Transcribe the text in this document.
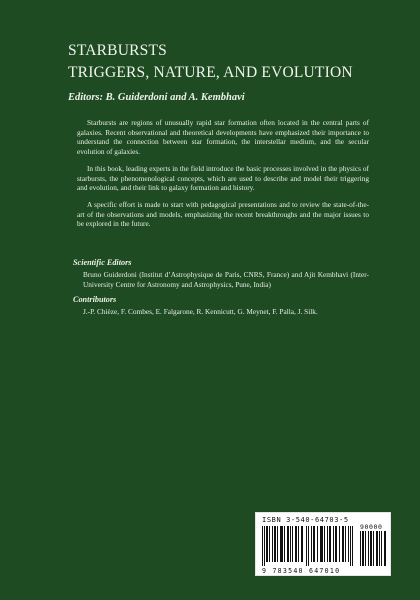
STARBURSTS
TRIGGERS, NATURE, AND EVOLUTION
Editors: B. Guiderdoni and A. Kembhavi

Starbursts are regions of unusually rapid star formation often located in the central parts of galaxies. Recent observational and theoretical developments have emphasized their importance to understand the connection between star formation, the interstellar medium, and the secular evolution of galaxies.

In this book, leading experts in the field introduce the basic processes involved in the physics of starbursts, the phenomenological concepts, which are used to describe and model their triggering and evolution, and their link to galaxy formation and history.

A specific effort is made to start with pedagogical presentations and to review the state-of-the-art of the observations and models, emphasizing the recent breakthroughs and the major issues to be explored in the future.

Scientific Editors
Bruno Guiderdoni (Institut d’Astrophysique de Paris, CNRS, France) and Ajit Kembhavi (Inter-University Centre for Astronomy and Astrophysics, Pune, India)
Contributors
J.-P. Chièze, F. Combes, E. Falgarone, R. Kennicutt, G. Meynet, F. Palla, J. Silk.
ISBN 3-540-64703-5
90000
9 783540 647010
